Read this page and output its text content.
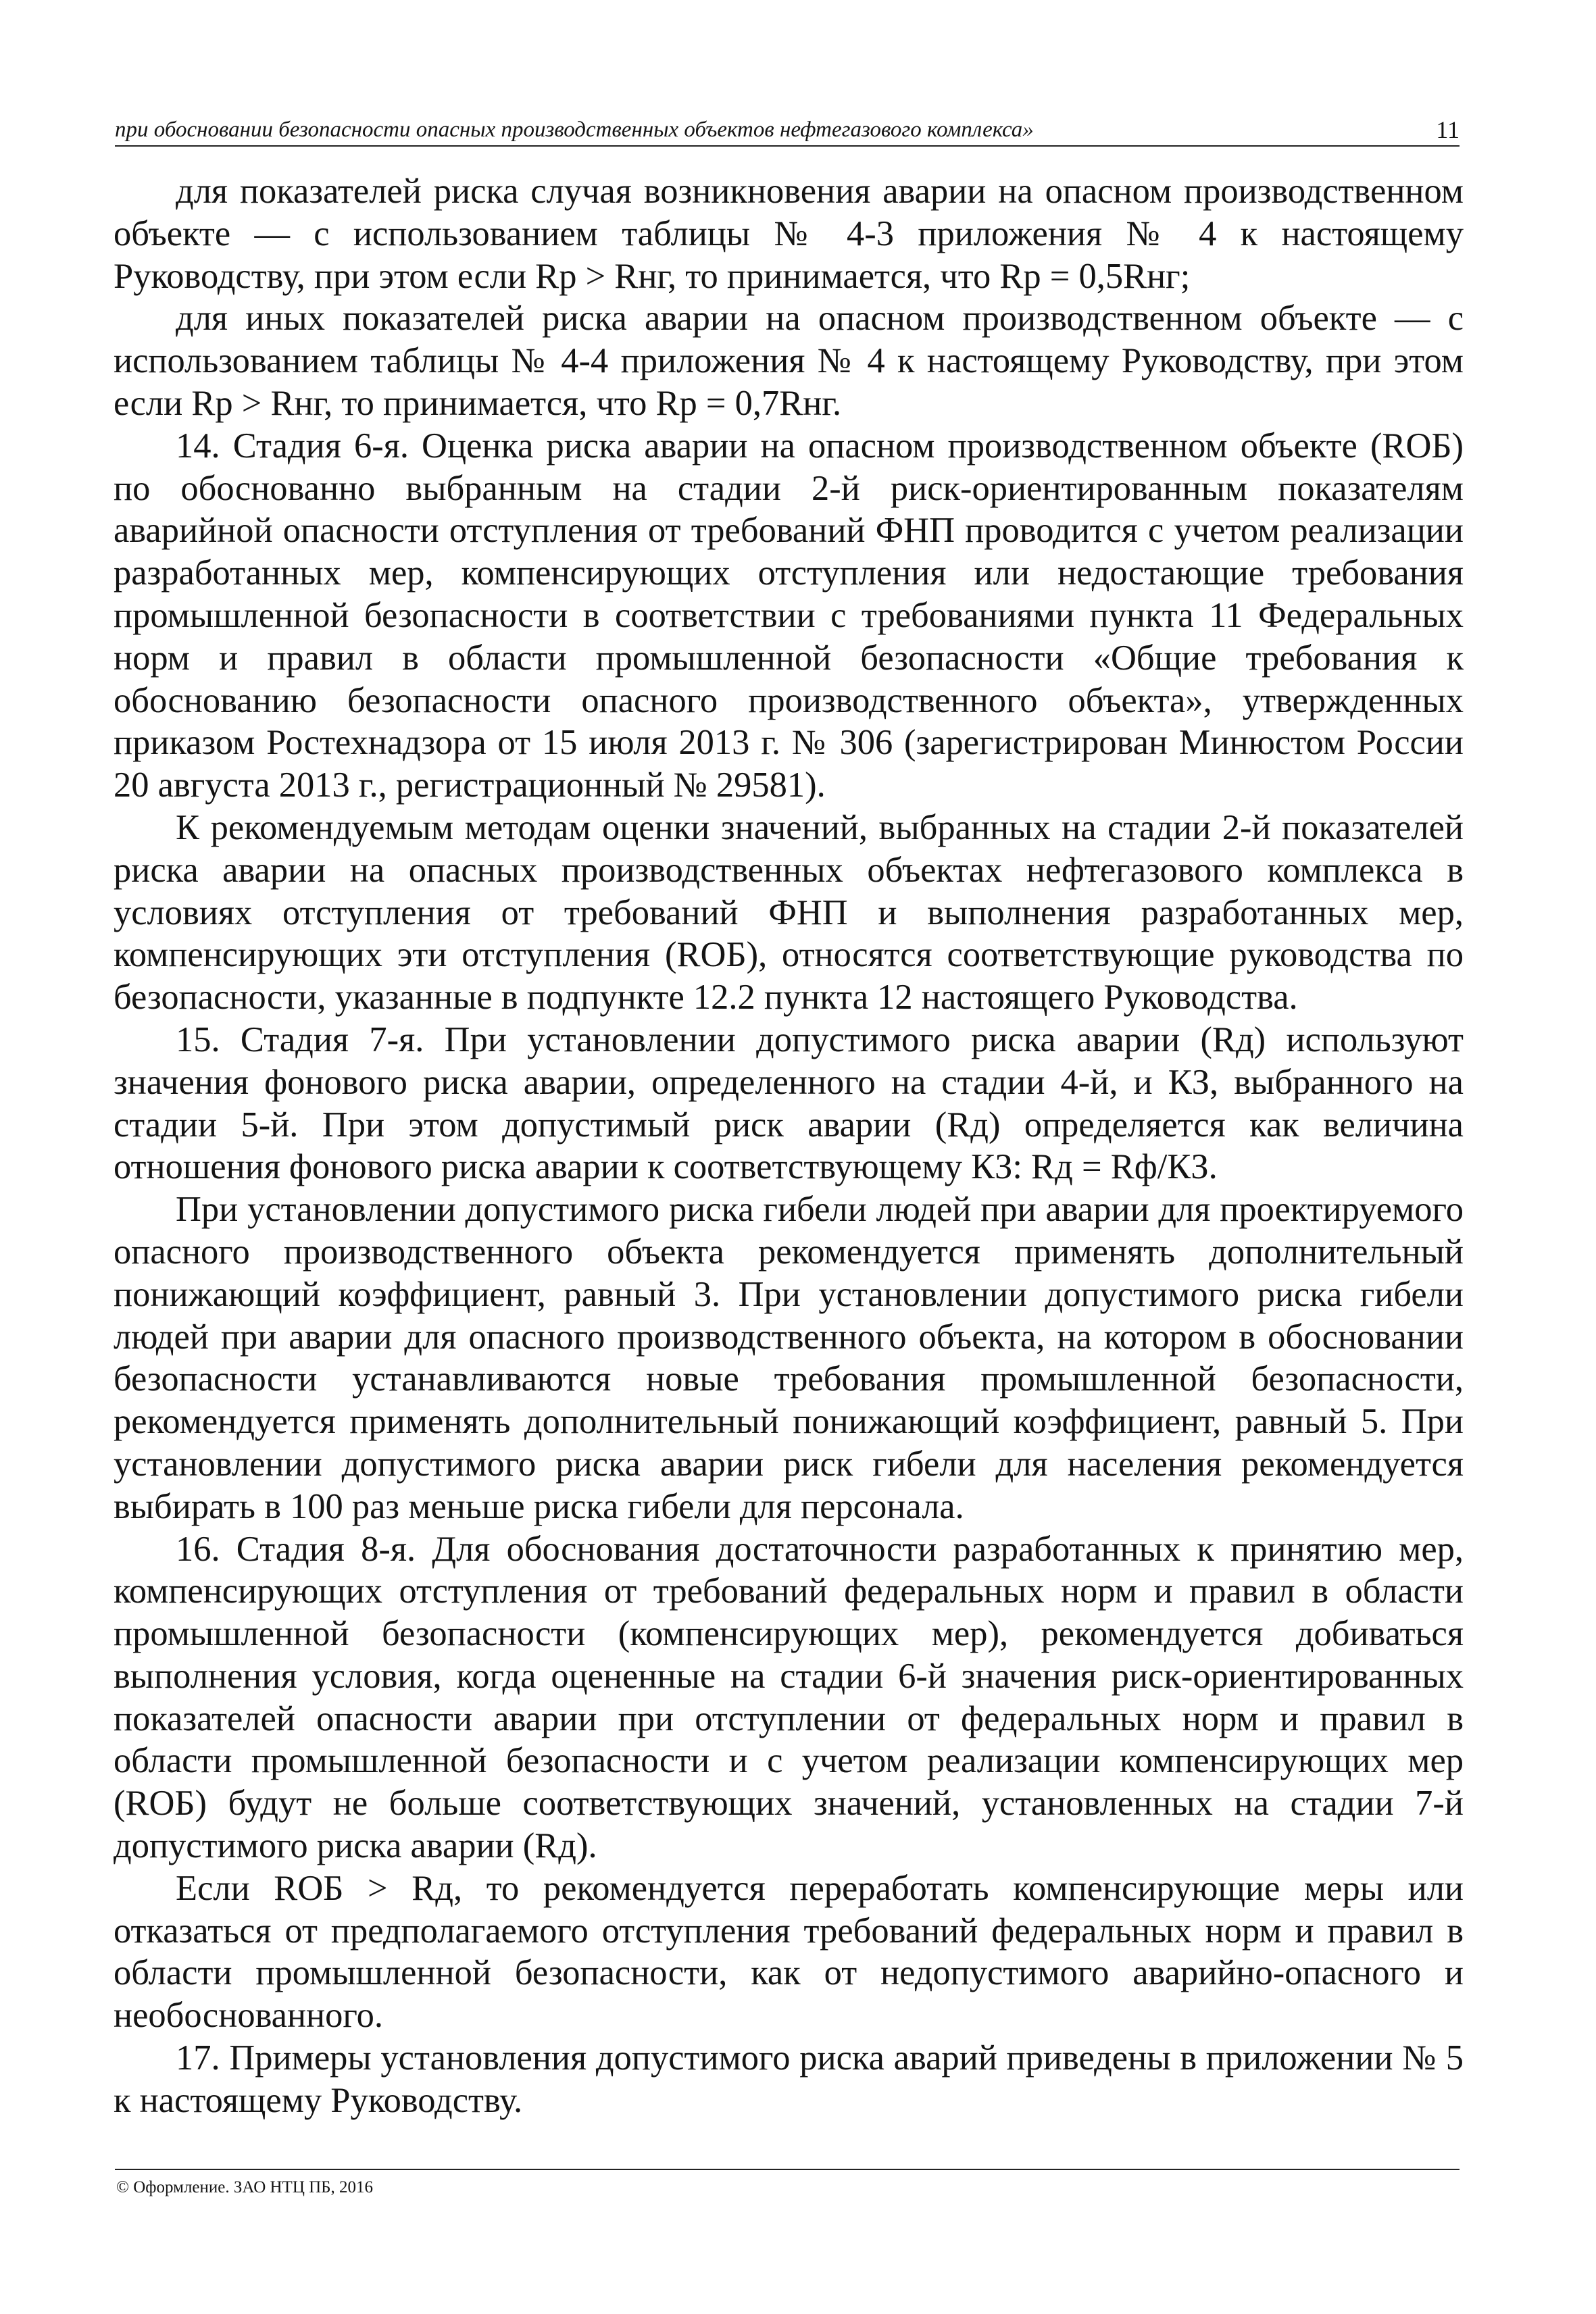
при обосновании безопасности опасных производственных объектов нефтегазового комплекса»	11

для показателей риска случая возникновения аварии на опасном производственном объекте — с использованием таблицы № 4-3 приложения № 4 к настоящему Руководству, при этом если Rр > Rнг, то принимается, что Rр = 0,5Rнг;

для иных показателей риска аварии на опасном производственном объекте — с использованием таблицы № 4-4 приложения № 4 к настоящему Руководству, при этом если Rр > Rнг, то принимается, что Rр = 0,7Rнг.

14. Стадия 6-я. Оценка риска аварии на опасном производственном объекте (RОБ) по обоснованно выбранным на стадии 2-й риск-ориентированным показателям аварийной опасности отступления от требований ФНП проводится с учетом реализации разработанных мер, компенсирующих отступления или недостающие требования промышленной безопасности в соответствии с требованиями пункта 11 Федеральных норм и правил в области промышленной безопасности «Общие требования к обоснованию безопасности опасного производственного объекта», утвержденных приказом Ростехнадзора от 15 июля 2013 г. № 306 (зарегистрирован Минюстом России 20 августа 2013 г., регистрационный № 29581).

К рекомендуемым методам оценки значений, выбранных на стадии 2-й показателей риска аварии на опасных производственных объектах нефтегазового комплекса в условиях отступления от требований ФНП и выполнения разработанных мер, компенсирующих эти отступления (RОБ), относятся соответствующие руководства по безопасности, указанные в подпункте 12.2 пункта 12 настоящего Руководства.

15. Стадия 7-я. При установлении допустимого риска аварии (Rд) используют значения фонового риска аварии, определенного на стадии 4-й, и КЗ, выбранного на стадии 5-й. При этом допустимый риск аварии (Rд) определяется как величина отношения фонового риска аварии к соответствующему КЗ: Rд = Rф/КЗ.

При установлении допустимого риска гибели людей при аварии для проектируемого опасного производственного объекта рекомендуется применять дополнительный понижающий коэффициент, равный 3. При установлении допустимого риска гибели людей при аварии для опасного производственного объекта, на котором в обосновании безопасности устанавливаются новые требования промышленной безопасности, рекомендуется применять дополнительный понижающий коэффициент, равный 5. При установлении допустимого риска аварии риск гибели для населения рекомендуется выбирать в 100 раз меньше риска гибели для персонала.

16. Стадия 8-я. Для обоснования достаточности разработанных к принятию мер, компенсирующих отступления от требований федеральных норм и правил в области промышленной безопасности (компенсирующих мер), рекомендуется добиваться выполнения условия, когда оцененные на стадии 6-й значения риск-ориентированных показателей опасности аварии при отступлении от федеральных норм и правил в области промышленной безопасности и с учетом реализации компенсирующих мер (RОБ) будут не больше соответствующих значений, установленных на стадии 7-й допустимого риска аварии (Rд).

Если RОБ > Rд, то рекомендуется переработать компенсирующие меры или отказаться от предполагаемого отступления требований федеральных норм и правил в области промышленной безопасности, как от недопустимого аварийно-опасного и необоснованного.

17. Примеры установления допустимого риска аварий приведены в приложении № 5 к настоящему Руководству.

© Оформление. ЗАО НТЦ ПБ, 2016
